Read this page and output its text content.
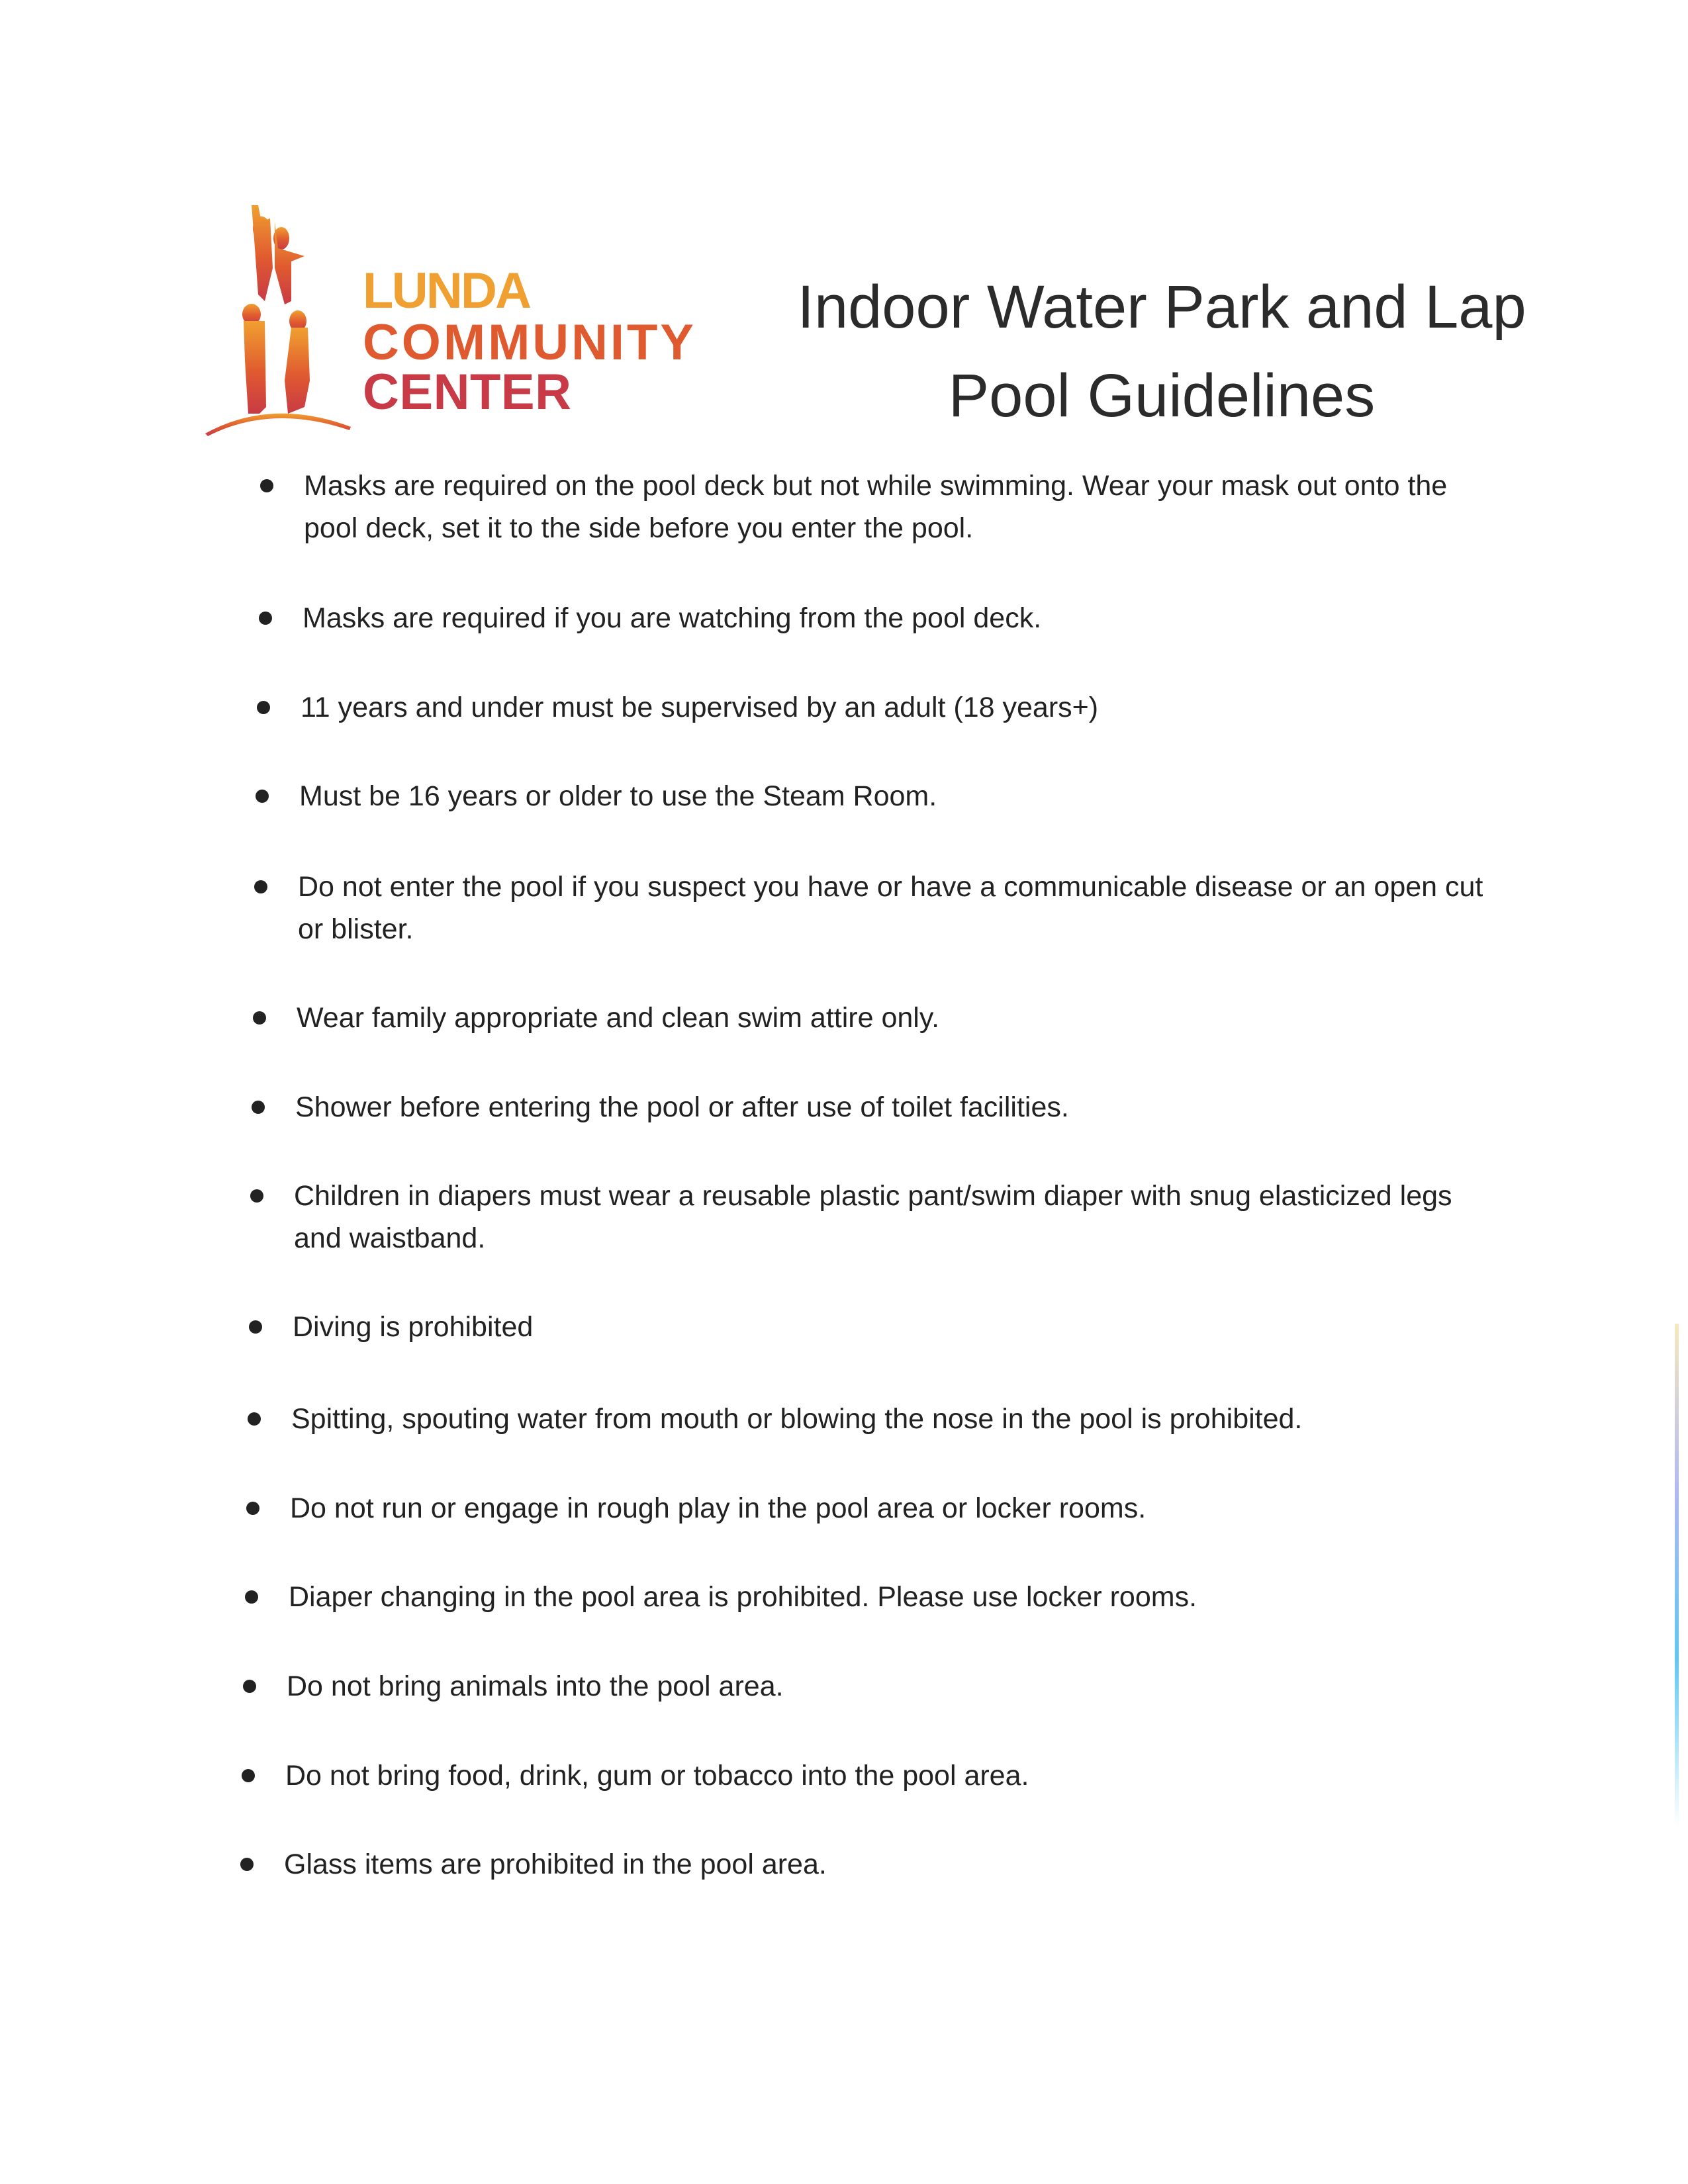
LUNDA
COMMUNITY
CENTER
Indoor Water Park and Lap
Pool Guidelines
Masks are required on the pool deck but not while swimming. Wear your mask out onto the pool deck, set it to the side before you enter the pool.
Masks are required if you are watching from the pool deck.
11 years and under must be supervised by an adult (18 years+)
Must be 16 years or older to use the Steam Room.
Do not enter the pool if you suspect you have or have a communicable disease or an open cut or blister.
Wear family appropriate and clean swim attire only.
Shower before entering the pool or after use of toilet facilities.
Children in diapers must wear a reusable plastic pant/swim diaper with snug elasticized legs and waistband.
Diving is prohibited
Spitting, spouting water from mouth or blowing the nose in the pool is prohibited.
Do not run or engage in rough play in the pool area or locker rooms.
Diaper changing in the pool area is prohibited. Please use locker rooms.
Do not bring animals into the pool area.
Do not bring food, drink, gum or tobacco into the pool area.
Glass items are prohibited in the pool area.
